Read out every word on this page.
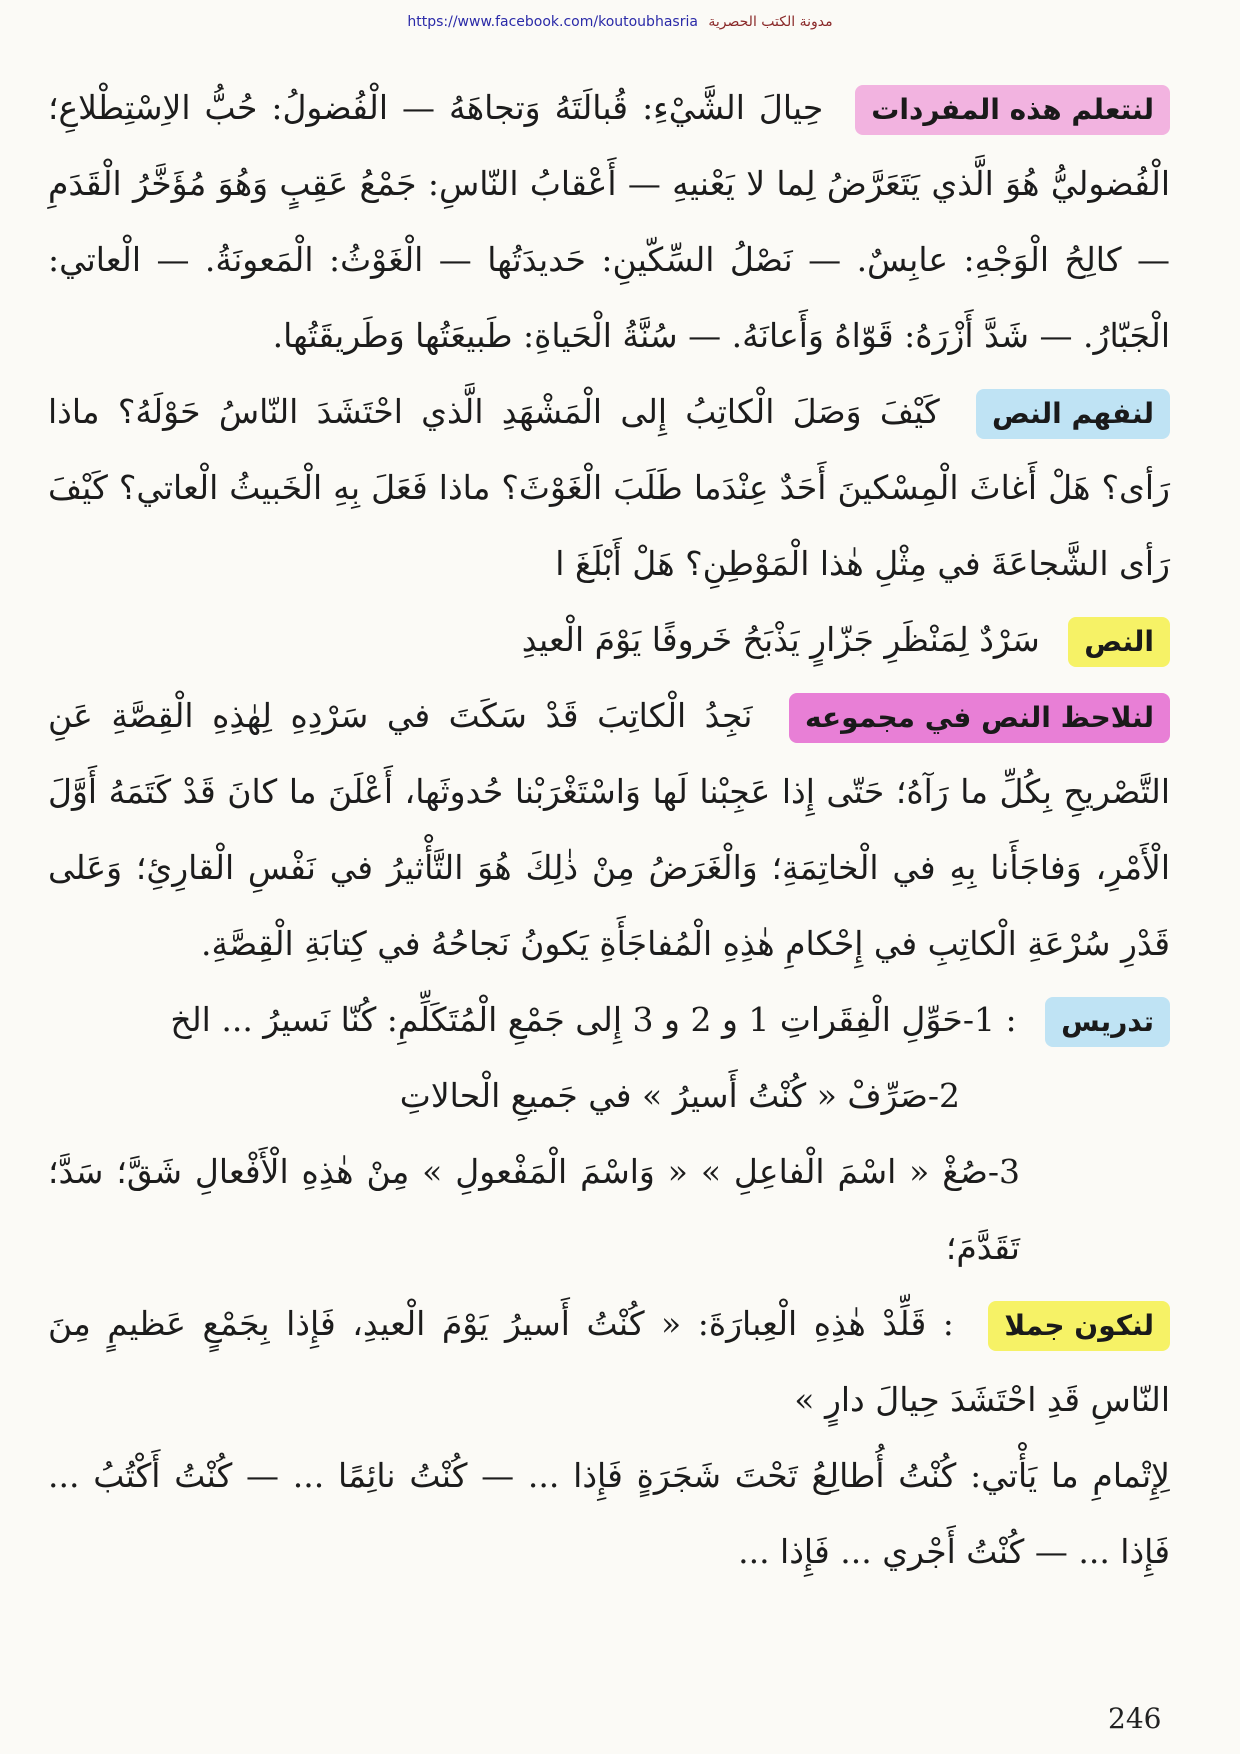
https://www.facebook.com/koutoubhasria مدونة الكتب الحصرية

لنتعلم هذه المفردات حِيالَ الشَّيْءِ: قُبالَتَهُ وَتجاهَهُ — الْفُضولُ: حُبُّ الاِسْتِطْلاعِ؛ الْفُضوليُّ هُوَ الَّذي يَتَعَرَّضُ لِما لا يَعْنيهِ — أَعْقابُ النّاسِ: جَمْعُ عَقِبٍ وَهُوَ مُؤَخَّرُ الْقَدَمِ — كالِحُ الْوَجْهِ: عابِسٌ. — نَصْلُ السِّكّينِ: حَديدَتُها — الْغَوْثُ: الْمَعونَةُ. — الْعاتي: الْجَبّارُ. — شَدَّ أَزْرَهُ: قَوّاهُ وَأَعانَهُ. — سُنَّةُ الْحَياةِ: طَبيعَتُها وَطَريقَتُها.

لنفهم النص كَيْفَ وَصَلَ الْكاتِبُ إِلى الْمَشْهَدِ الَّذي احْتَشَدَ النّاسُ حَوْلَهُ؟ ماذا رَأى؟ هَلْ أَغاثَ الْمِسْكينَ أَحَدٌ عِنْدَما طَلَبَ الْغَوْثَ؟ ماذا فَعَلَ بِهِ الْخَبيثُ الْعاتي؟ كَيْفَ رَأى الشَّجاعَةَ في مِثْلِ هٰذا الْمَوْطِنِ؟ هَلْ أَبْلَغَ ا

النص سَرْدٌ لِمَنْظَرِ جَزّارٍ يَذْبَحُ خَروفًا يَوْمَ الْعيدِ

لنلاحظ النص في مجموعه نَجِدُ الْكاتِبَ قَدْ سَكَتَ في سَرْدِهِ لِهٰذِهِ الْقِصَّةِ عَنِ التَّصْريحِ بِكُلِّ ما رَآهُ؛ حَتّى إِذا عَجِبْنا لَها وَاسْتَغْرَبْنا حُدوثَها، أَعْلَنَ ما كانَ قَدْ كَتَمَهُ أَوَّلَ الْأَمْرِ، وَفاجَأَنا بِهِ في الْخاتِمَةِ؛ وَالْغَرَضُ مِنْ ذٰلِكَ هُوَ التَّأْثيرُ في نَفْسِ الْقارِئِ؛ وَعَلى قَدْرِ سُرْعَةِ الْكاتِبِ في إِحْكامِ هٰذِهِ الْمُفاجَأَةِ يَكونُ نَجاحُهُ في كِتابَةِ الْقِصَّةِ.

تدريس : 1-حَوِّلِ الْفِقَراتِ 1 و 2 و 3 إِلى جَمْعِ الْمُتَكَلِّمِ: كُنّا نَسيرُ ... الخ

2-صَرِّفْ « كُنْتُ أَسيرُ » في جَميعِ الْحالاتِ

3-صُغْ « اسْمَ الْفاعِلِ » « وَاسْمَ الْمَفْعولِ » مِنْ هٰذِهِ الْأَفْعالِ شَقَّ؛ سَدَّ؛ تَقَدَّمَ؛

لنكون جملا : قَلِّدْ هٰذِهِ الْعِبارَةَ: « كُنْتُ أَسيرُ يَوْمَ الْعيدِ، فَإِذا بِجَمْعٍ عَظيمٍ مِنَ النّاسِ قَدِ احْتَشَدَ حِيالَ دارٍ »

لِإِتْمامِ ما يَأْتي: كُنْتُ أُطالِعُ تَحْتَ شَجَرَةٍ فَإِذا ... — كُنْتُ نائِمًا ... — كُنْتُ أَكْتُبُ ... فَإِذا ... — كُنْتُ أَجْري ... فَإِذا ...

246
